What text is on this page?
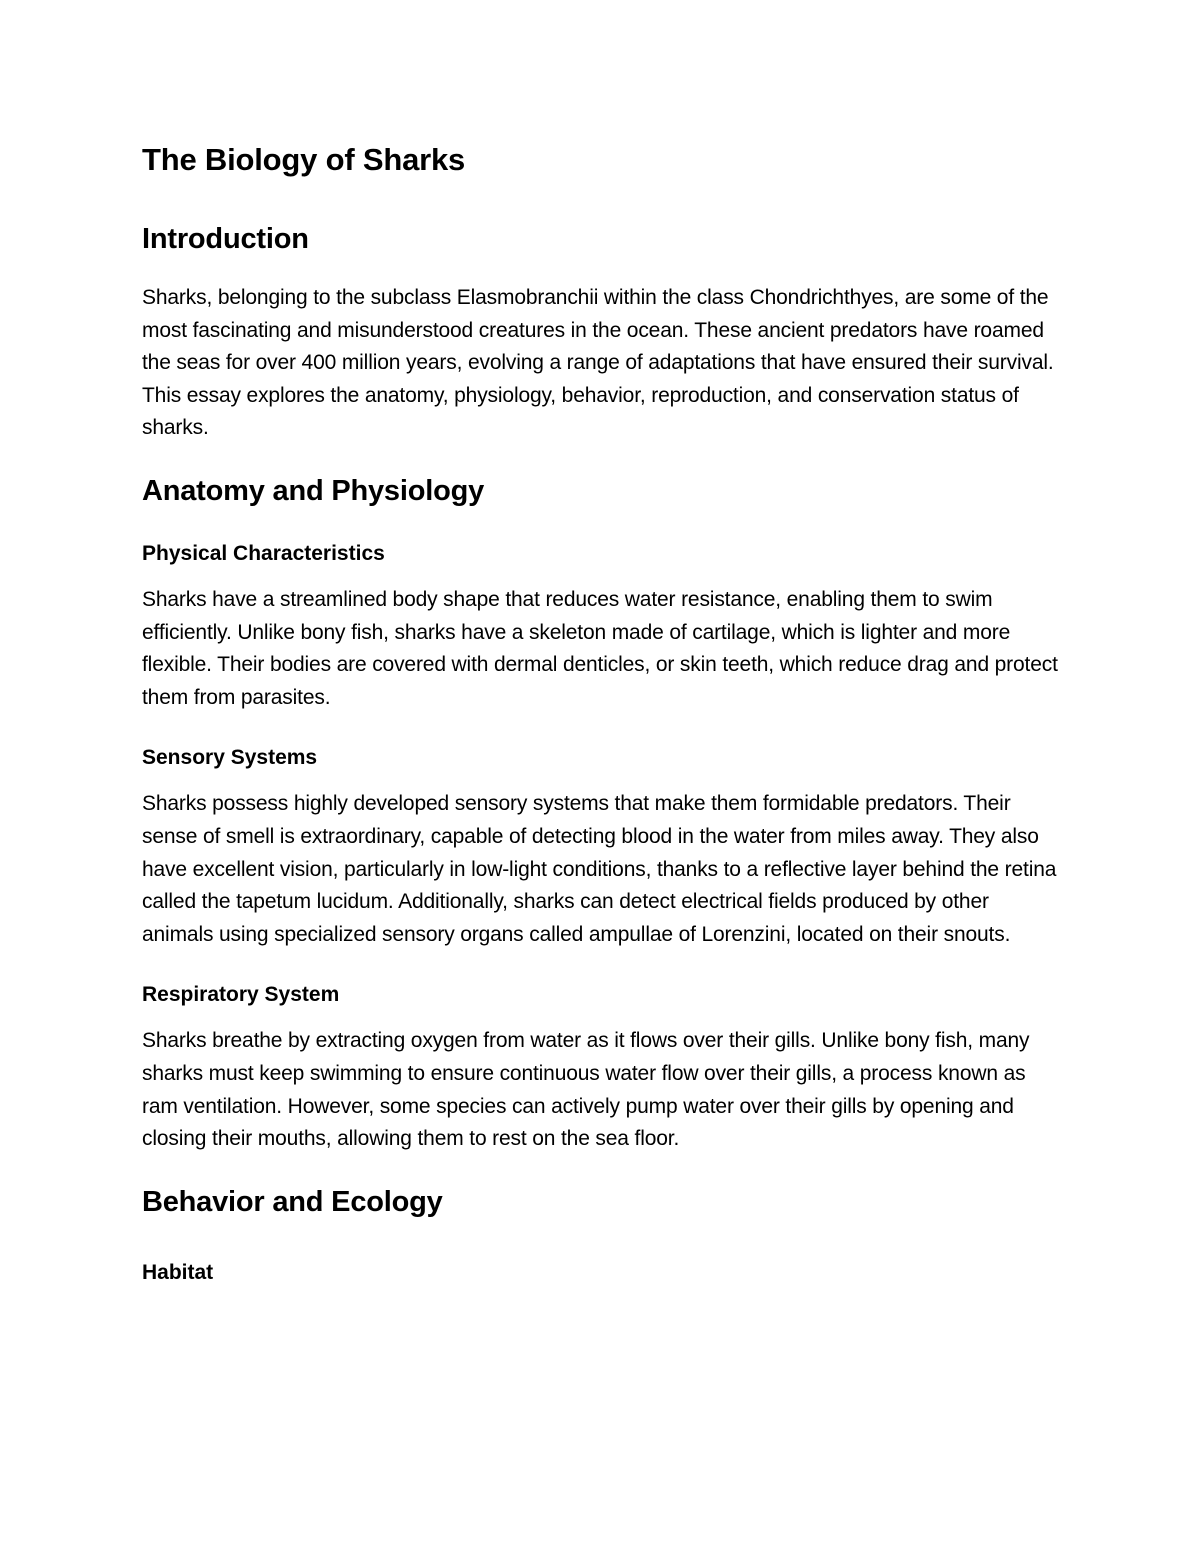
The Biology of Sharks
Introduction

Sharks, belonging to the subclass Elasmobranchii within the class Chondrichthyes, are some of the most fascinating and misunderstood creatures in the ocean. These ancient predators have roamed the seas for over 400 million years, evolving a range of adaptations that have ensured their survival. This essay explores the anatomy, physiology, behavior, reproduction, and conservation status of sharks.

Anatomy and Physiology
Physical Characteristics

Sharks have a streamlined body shape that reduces water resistance, enabling them to swim efficiently. Unlike bony fish, sharks have a skeleton made of cartilage, which is lighter and more flexible. Their bodies are covered with dermal denticles, or skin teeth, which reduce drag and protect them from parasites.

Sensory Systems

Sharks possess highly developed sensory systems that make them formidable predators. Their sense of smell is extraordinary, capable of detecting blood in the water from miles away. They also have excellent vision, particularly in low-light conditions, thanks to a reflective layer behind the retina called the tapetum lucidum. Additionally, sharks can detect electrical fields produced by other animals using specialized sensory organs called ampullae of Lorenzini, located on their snouts.

Respiratory System

Sharks breathe by extracting oxygen from water as it flows over their gills. Unlike bony fish, many sharks must keep swimming to ensure continuous water flow over their gills, a process known as ram ventilation. However, some species can actively pump water over their gills by opening and closing their mouths, allowing them to rest on the sea floor.

Behavior and Ecology
Habitat
